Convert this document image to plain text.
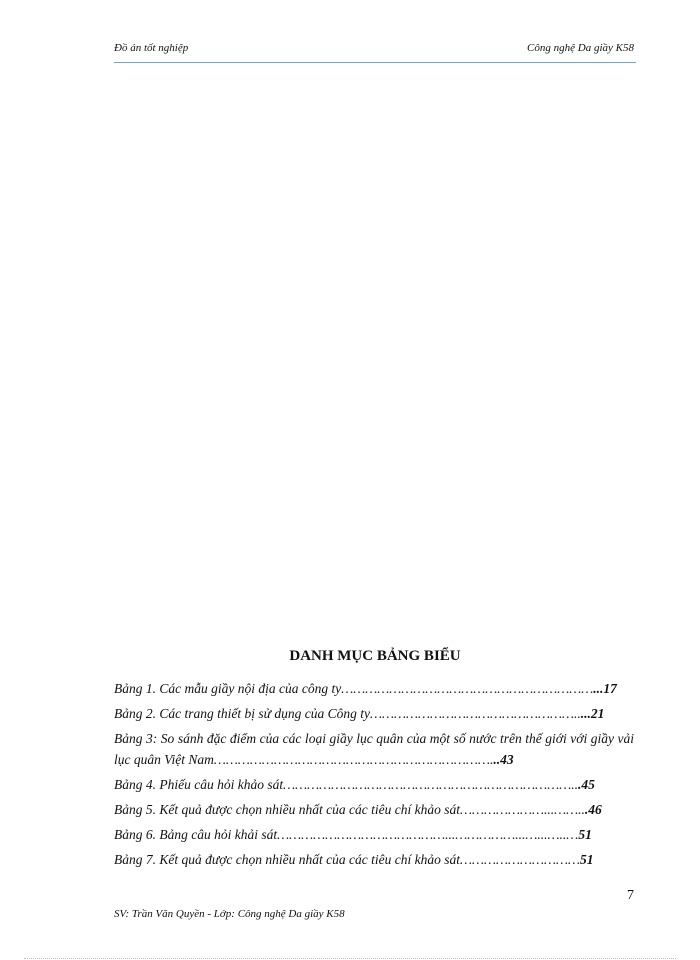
Đồ án tốt nghiệp	Công nghệ Da giầy K58
DANH MỤC BẢNG BIỂU
Bảng 1. Các mẫu giầy nội địa của công ty………………………………………………………...17
Bảng 2. Các trang thiết bị sử dụng của Công ty…………………………………………….....21
Bảng 3: So sánh đặc điểm của các loại giầy lục quân của một số nước trên thế giới với giầy vải lục quân Việt Nam……………………………………………………………...43
Bảng 4. Phiếu câu hỏi khảo sát………………………………………………………………...45
Bảng 5. Kết quả được chọn nhiều nhất của các tiêu chí khảo sát…………………...……...46
Bảng 6. Bảng câu hỏi khải sát……………………………………...……………...…...…..…51
Bảng 7. Kết quả được chọn nhiều nhất của các tiêu chí khảo sát…………………………51
7
SV: Trần Văn Quyền - Lớp: Công nghệ Da giầy K58
